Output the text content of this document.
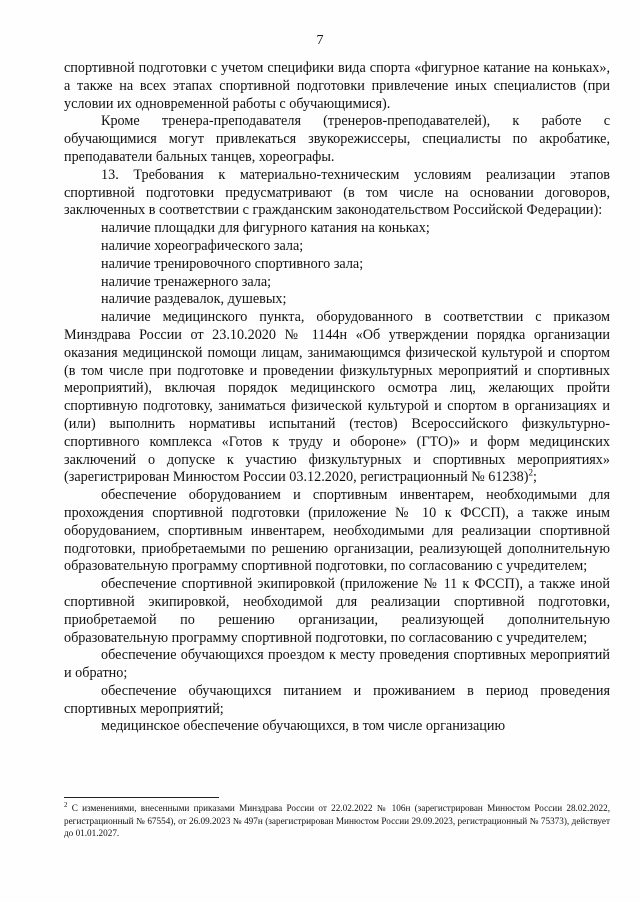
7

спортивной подготовки с учетом специфики вида спорта «фигурное катание на коньках», а также на всех этапах спортивной подготовки привлечение иных специалистов (при условии их одновременной работы с обучающимися).

Кроме тренера-преподавателя (тренеров-преподавателей), к работе с обучающимися могут привлекаться звукорежиссеры, специалисты по акробатике, преподаватели бальных танцев, хореографы.

13. Требования к материально-техническим условиям реализации этапов спортивной подготовки предусматривают (в том числе на основании договоров, заключенных в соответствии с гражданским законодательством Российской Федерации):

наличие площадки для фигурного катания на коньках;

наличие хореографического зала;

наличие тренировочного спортивного зала;

наличие тренажерного зала;

наличие раздевалок, душевых;

наличие медицинского пункта, оборудованного в соответствии с приказом Минздрава России от 23.10.2020 № 1144н «Об утверждении порядка организации оказания медицинской помощи лицам, занимающимся физической культурой и спортом (в том числе при подготовке и проведении физкультурных мероприятий и спортивных мероприятий), включая порядок медицинского осмотра лиц, желающих пройти спортивную подготовку, заниматься физической культурой и спортом в организациях и (или) выполнить нормативы испытаний (тестов) Всероссийского физкультурно-спортивного комплекса «Готов к труду и обороне» (ГТО)» и форм медицинских заключений о допуске к участию физкультурных и спортивных мероприятиях» (зарегистрирован Минюстом России 03.12.2020, регистрационный № 61238)$^2$;

обеспечение оборудованием и спортивным инвентарем, необходимыми для прохождения спортивной подготовки (приложение № 10 к ФССП), а также иным оборудованием, спортивным инвентарем, необходимыми для реализации спортивной подготовки, приобретаемыми по решению организации, реализующей дополнительную образовательную программу спортивной подготовки, по согласованию с учредителем;

обеспечение спортивной экипировкой (приложение № 11 к ФССП), а также иной спортивной экипировкой, необходимой для реализации спортивной подготовки, приобретаемой по решению организации, реализующей дополнительную образовательную программу спортивной подготовки, по согласованию с учредителем;

обеспечение обучающихся проездом к месту проведения спортивных мероприятий и обратно;

обеспечение обучающихся питанием и проживанием в период проведения спортивных мероприятий;

медицинское обеспечение обучающихся, в том числе организацию

$^2$ С изменениями, внесенными приказами Минздрава России от 22.02.2022 № 106н (зарегистрирован Минюстом России 28.02.2022, регистрационный № 67554), от 26.09.2023 № 497н (зарегистрирован Минюстом России 29.09.2023, регистрационный № 75373), действует до 01.01.2027.
